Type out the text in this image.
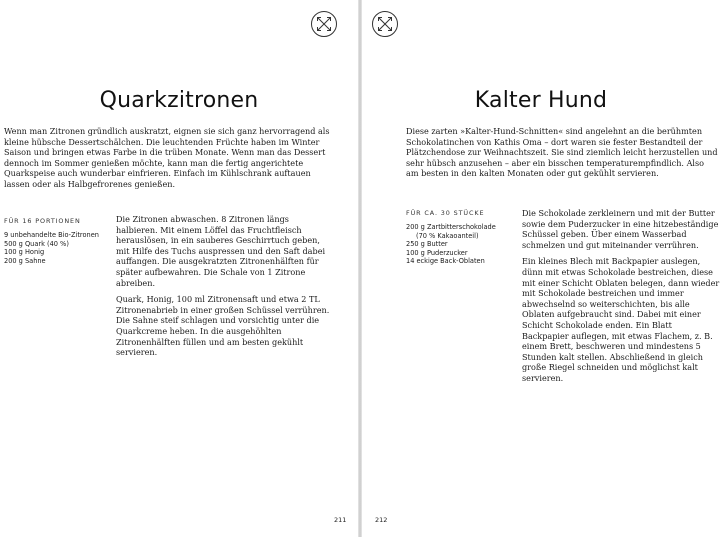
Quarkzitronen

Wenn man Zitronen gründlich auskratzt, eignen sie sich ganz hervorragend als kleine hübsche Dessertschälchen. Die leuchtenden Früchte haben im Winter Saison und bringen etwas Farbe in die trüben Monate. Wenn man das Dessert dennoch im Sommer genießen möchte, kann man die fertig angerichtete Quarkspeise auch wunderbar einfrieren. Einfach im Kühlschrank auftauen lassen oder als Halbgefrorenes genießen.

FÜR 16 PORTIONEN
9 unbehandelte Bio-Zitronen
500 g Quark (40 %)
100 g Honig
200 g Sahne

Die Zitronen abwaschen. 8 Zitronen längs halbieren. Mit einem Löffel das Fruchtfleisch herauslösen, in ein sauberes Geschirrtuch geben, mit Hilfe des Tuchs auspressen und den Saft dabei auffangen. Die ausgekratzten Zitronenhälften für später aufbewahren. Die Schale von 1 Zitrone abreiben.

Quark, Honig, 100 ml Zitronensaft und etwa 2 TL Zitronenabrieb in einer großen Schüssel verrühren. Die Sahne steif schlagen und vorsichtig unter die Quarkcreme heben. In die ausgehöhlten Zitronenhälften füllen und am besten gekühlt servieren.

211
Kalter Hund

Diese zarten »Kalter-Hund-Schnitten« sind angelehnt an die berühmten Schokolatinchen von Kathis Oma – dort waren sie fester Bestandteil der Plätzchendose zur Weihnachtszeit. Sie sind ziemlich leicht herzustellen und sehr hübsch anzusehen – aber ein bisschen temperaturempfindlich. Also am besten in den kalten Monaten oder gut gekühlt servieren.

FÜR CA. 30 STÜCKE
200 g Zartbitterschokolade
(70 % Kakaoanteil)
250 g Butter
100 g Puderzucker
14 eckige Back-Oblaten

Die Schokolade zerkleinern und mit der Butter sowie dem Puderzucker in eine hitzebeständige Schüssel geben. Über einem Wasserbad schmelzen und gut miteinander verrühren.

Ein kleines Blech mit Backpapier auslegen, dünn mit etwas Schokolade bestreichen, diese mit einer Schicht Oblaten belegen, dann wieder mit Schokolade bestreichen und immer abwechselnd so weiterschichten, bis alle Oblaten aufgebraucht sind. Dabei mit einer Schicht Schokolade enden. Ein Blatt Backpapier auflegen, mit etwas Flachem, z. B. einem Brett, beschweren und mindestens 5 Stunden kalt stellen. Abschließend in gleich große Riegel schneiden und möglichst kalt servieren.

212
